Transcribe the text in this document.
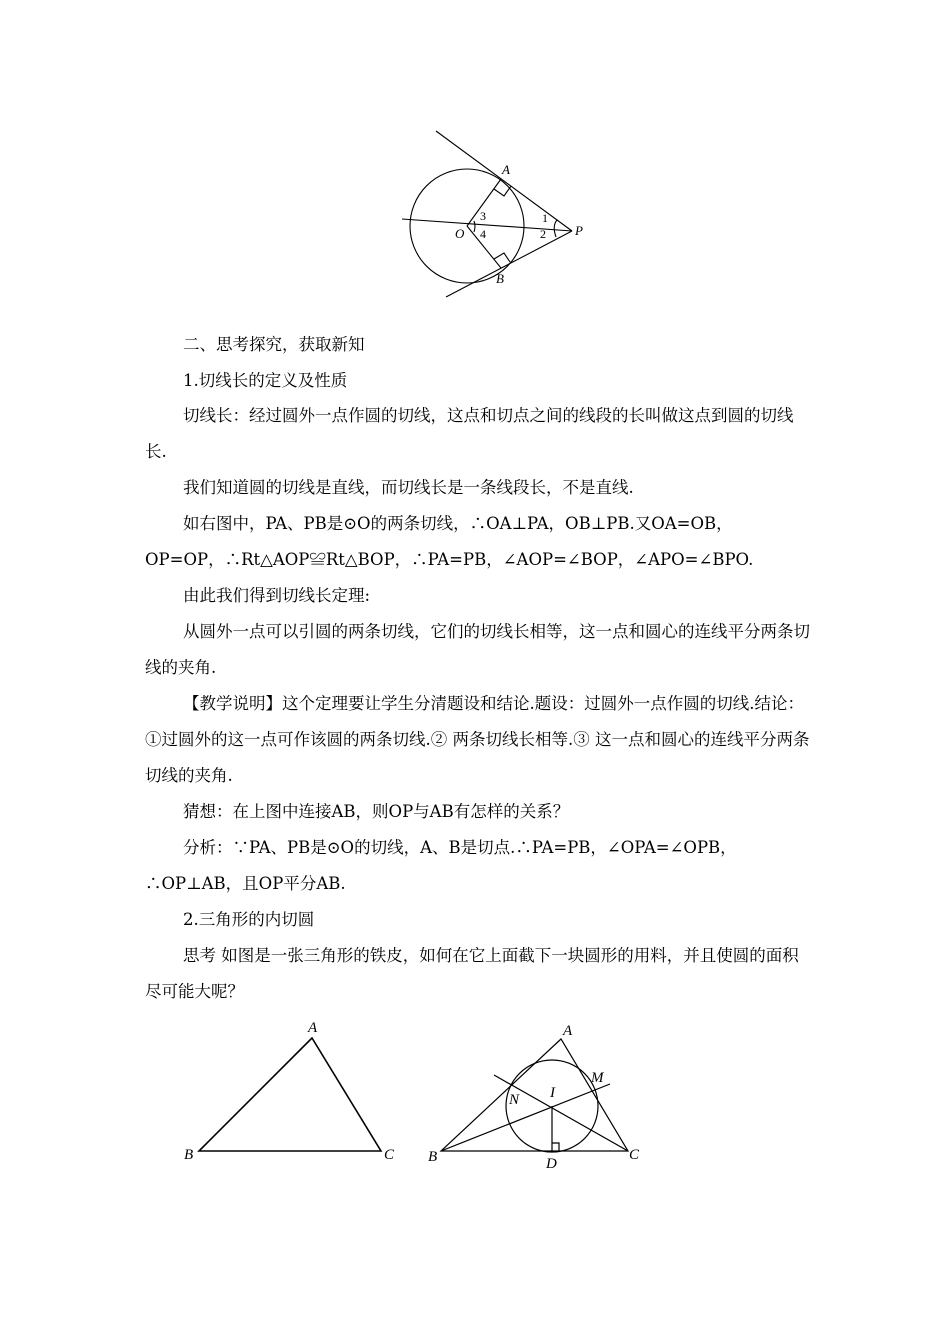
A
B
O	P
1
2
3
4

二、思考探究，获取新知

1.切线长的定义及性质

切线长：经过圆外一点作圆的切线，这点和切点之间的线段的长叫做这点到圆的切线长.

我们知道圆的切线是直线，而切线长是一条线段长，不是直线.

如右图中，PA、PB是⊙O的两条切线，∴OA⊥PA，OB⊥PB.又OA=OB，OP=OP，∴Rt△AOP≌Rt△BOP，∴PA=PB，∠AOP=∠BOP，∠APO=∠BPO.

由此我们得到切线长定理:

从圆外一点可以引圆的两条切线，它们的切线长相等，这一点和圆心的连线平分两条切线的夹角.

【教学说明】这个定理要让学生分清题设和结论.题设：过圆外一点作圆的切线.结论：①过圆外的这一点可作该圆的两条切线.② 两条切线长相等.③ 这一点和圆心的连线平分两条切线的夹角.

猜想：在上图中连接AB，则OP与AB有怎样的关系？

分析：∵PA、PB是⊙O的切线，A、B是切点.∴PA=PB，∠OPA=∠OPB，∴OP⊥AB，且OP平分AB.

2.三角形的内切圆

思考 如图是一张三角形的铁皮，如何在它上面截下一块圆形的用料，并且使圆的面积尽可能大呢？

A
B	C
A
B	C
D
I
M
N
